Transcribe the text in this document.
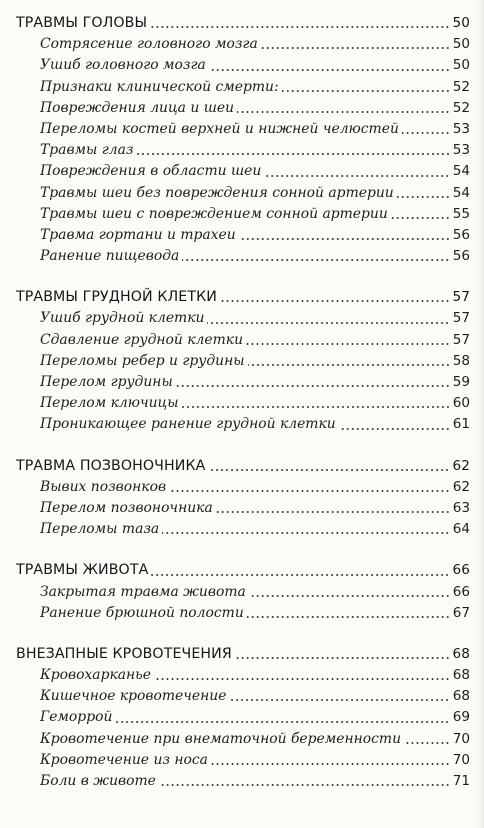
ТРАВМЫ ГОЛОВЫ	50
Сотрясение головного мозга	50
Ушиб головного мозга	50
Признаки клинической смерти:	52
Повреждения лица и шеи	52
Переломы костей верхней и нижней челюстей	53
Травмы глаз	53
Повреждения в области шеи	54
Травмы шеи без повреждения сонной артерии	54
Травмы шеи с повреждением сонной артерии	55
Травма гортани и трахеи	56
Ранение пищевода	56
ТРАВМЫ ГРУДНОЙ КЛЕТКИ	57
Ушиб грудной клетки	57
Сдавление грудной клетки	57
Переломы ребер и грудины	58
Перелом грудины	59
Перелом ключицы	60
Проникающее ранение грудной клетки	61
ТРАВМА ПОЗВОНОЧНИКА	62
Вывих позвонков	62
Перелом позвоночника	63
Переломы таза	64
ТРАВМЫ ЖИВОТА	66
Закрытая травма живота	66
Ранение брюшной полости	67
ВНЕЗАПНЫЕ КРОВОТЕЧЕНИЯ	68
Кровохарканье	68
Кишечное кровотечение	68
Геморрой	69
Кровотечение при внематочной беременности	70
Кровотечение из носа	70
Боли в животе	71
